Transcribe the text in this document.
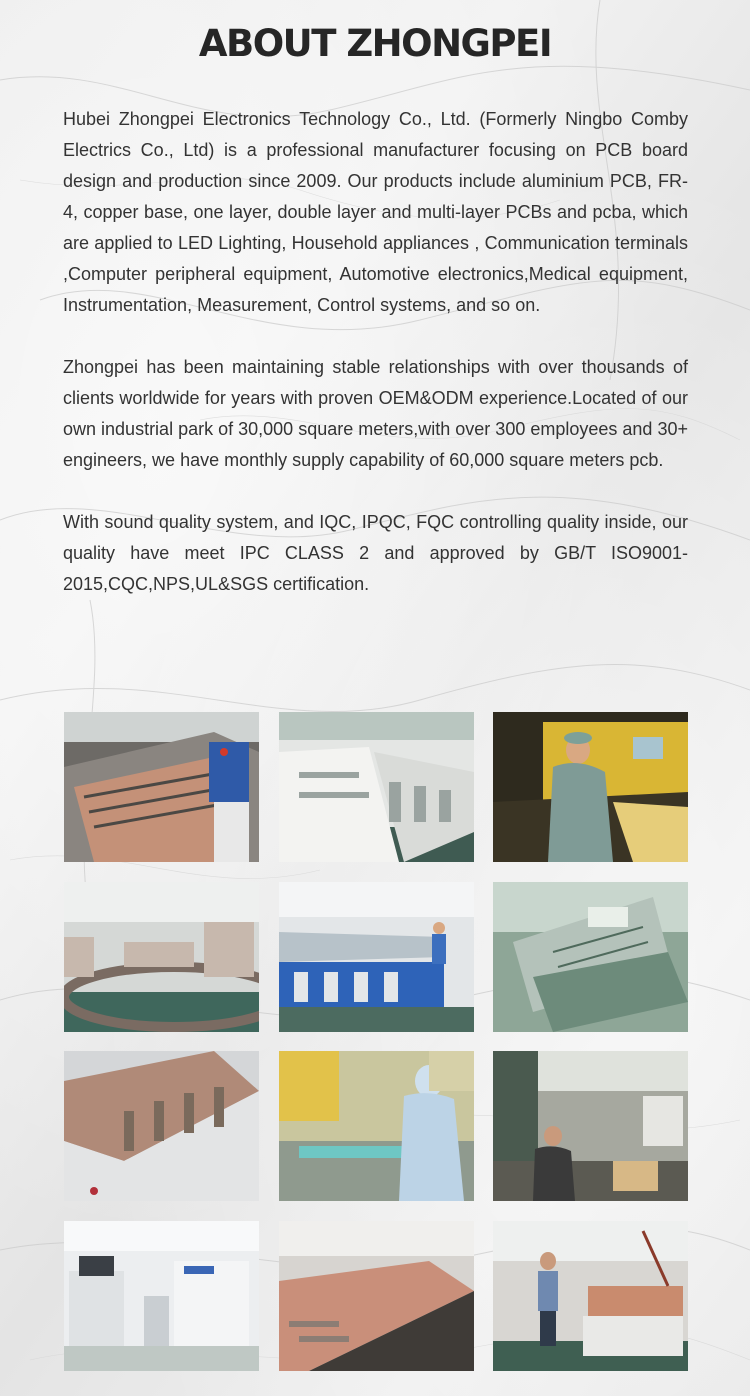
ABOUT ZHONGPEI

Hubei Zhongpei Electronics Technology Co., Ltd. (Formerly Ningbo Comby Electrics Co., Ltd) is a professional manufacturer focusing on PCB board design and production since 2009. Our products include aluminium PCB, FR-4, copper base, one layer, double layer and multi-layer PCBs and pcba, which are applied to LED Lighting, Household appliances , Communication terminals ,Computer peripheral equipment, Automotive electronics,Medical equipment, Instrumentation, Measurement, Control systems, and so on.

Zhongpei has been maintaining stable relationships with over thousands of clients worldwide for years with proven OEM&ODM experience.Located of our own industrial park of 30,000 square meters,with over 300 employees and 30+ engineers, we have monthly supply capability of 60,000 square meters pcb.

With sound quality system, and IQC, IPQC, FQC controlling quality inside, our quality have meet IPC CLASS 2 and approved by GB/T ISO9001-2015,CQC,NPS,UL&SGS certification.
